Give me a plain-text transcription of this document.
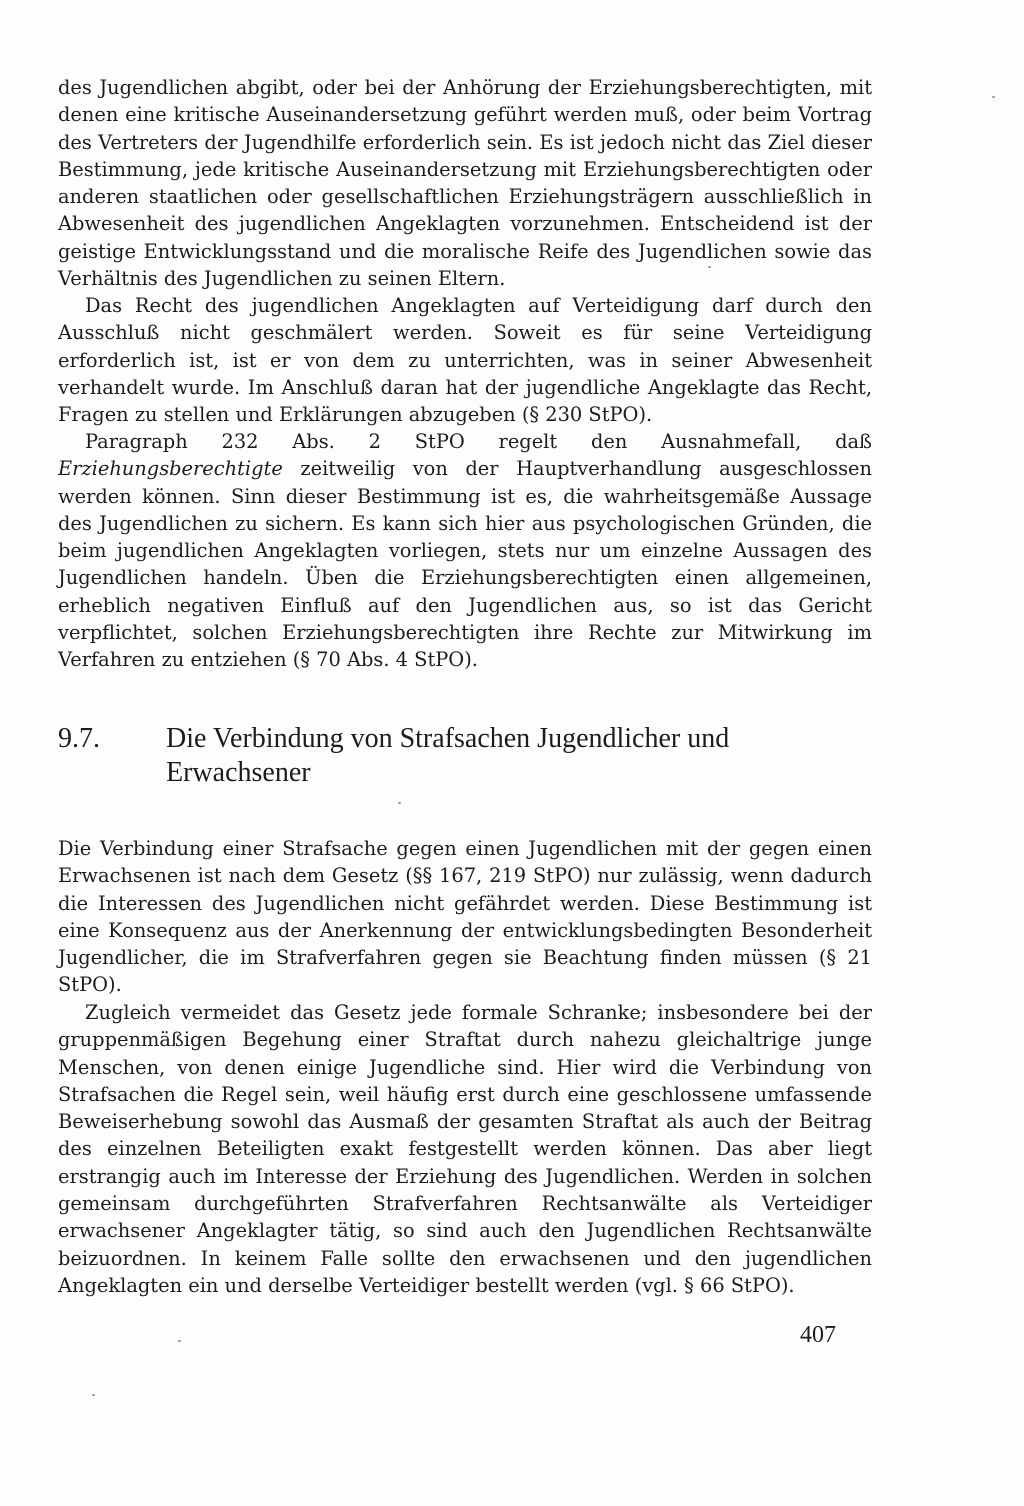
des Jugendlichen abgibt, oder bei der Anhörung der Erziehungsberechtigten, mit denen eine kritische Auseinandersetzung geführt werden muß, oder beim Vortrag des Vertreters der Jugendhilfe erforderlich sein. Es ist jedoch nicht das Ziel dieser Bestimmung, jede kritische Auseinandersetzung mit Erziehungsberechtigten oder anderen staatlichen oder gesellschaftlichen Erziehungsträgern ausschließlich in Abwesenheit des jugendlichen Angeklagten vorzunehmen. Entscheidend ist der geistige Entwicklungsstand und die moralische Reife des Jugendlichen sowie das Verhältnis des Jugendlichen zu seinen Eltern.

Das Recht des jugendlichen Angeklagten auf Verteidigung darf durch den Ausschluß nicht geschmälert werden. Soweit es für seine Verteidigung erforderlich ist, ist er von dem zu unterrichten, was in seiner Abwesenheit verhandelt wurde. Im Anschluß daran hat der jugendliche Angeklagte das Recht, Fragen zu stellen und Erklärungen abzugeben (§ 230 StPO).

Paragraph 232 Abs. 2 StPO regelt den Ausnahmefall, daß Erziehungsberechtigte zeitweilig von der Hauptverhandlung ausgeschlossen werden können. Sinn dieser Bestimmung ist es, die wahrheitsgemäße Aussage des Jugendlichen zu sichern. Es kann sich hier aus psychologischen Gründen, die beim jugendlichen Angeklagten vorliegen, stets nur um einzelne Aussagen des Jugendlichen handeln. Üben die Erziehungsberechtigten einen allgemeinen, erheblich negativen Einfluß auf den Jugendlichen aus, so ist das Gericht verpflichtet, solchen Erziehungsberechtigten ihre Rechte zur Mitwirkung im Verfahren zu entziehen (§ 70 Abs. 4 StPO).

9.7. Die Verbindung von Strafsachen Jugendlicher und Erwachsener

Die Verbindung einer Strafsache gegen einen Jugendlichen mit der gegen einen Erwachsenen ist nach dem Gesetz (§§ 167, 219 StPO) nur zulässig, wenn dadurch die Interessen des Jugendlichen nicht gefährdet werden. Diese Bestimmung ist eine Konsequenz aus der Anerkennung der entwicklungsbedingten Besonderheit Jugendlicher, die im Strafverfahren gegen sie Beachtung finden müssen (§ 21 StPO).

Zugleich vermeidet das Gesetz jede formale Schranke; insbesondere bei der gruppenmäßigen Begehung einer Straftat durch nahezu gleichaltrige junge Menschen, von denen einige Jugendliche sind. Hier wird die Verbindung von Strafsachen die Regel sein, weil häufig erst durch eine geschlossene umfassende Beweiserhebung sowohl das Ausmaß der gesamten Straftat als auch der Beitrag des einzelnen Beteiligten exakt festgestellt werden können. Das aber liegt erstrangig auch im Interesse der Erziehung des Jugendlichen. Werden in solchen gemeinsam durchgeführten Strafverfahren Rechtsanwälte als Verteidiger erwachsener Angeklagter tätig, so sind auch den Jugendlichen Rechtsanwälte beizuordnen. In keinem Falle sollte den erwachsenen und den jugendlichen Angeklagten ein und derselbe Verteidiger bestellt werden (vgl. § 66 StPO).

407
